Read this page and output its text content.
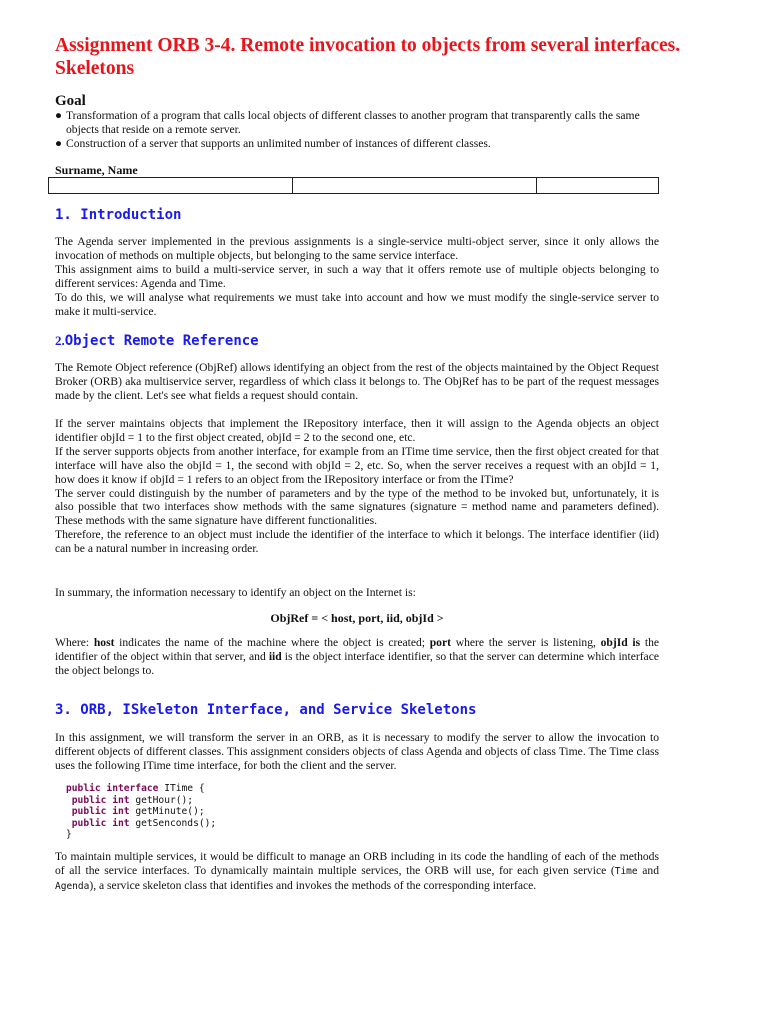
Assignment ORB 3-4. Remote invocation to objects from several interfaces. Skeletons
Goal
● Transformation of a program that calls local objects of different classes to another program that transparently calls the same objects that reside on a remote server.
● Construction of a server that supports an unlimited number of instances of different classes.
Surname, Name

1. Introduction

The Agenda server implemented in the previous assignments is a single-service multi-object server, since it only allows the invocation of methods on multiple objects, but belonging to the same service interface.

This assignment aims to build a multi-service server, in such a way that it offers remote use of multiple objects belonging to different services: Agenda and Time.

To do this, we will analyse what requirements we must take into account and how we must modify the single-service server to make it multi-service.

2.Object Remote Reference
The Remote Object reference (ObjRef) allows identifying an object from the rest of the objects maintained by the Object Request Broker (ORB) aka multiservice server, regardless of which class it belongs to. The ObjRef has to be part of the request messages made by the client. Let's see what fields a request should contain.

If the server maintains objects that implement the IRepository interface, then it will assign to the Agenda objects an object identifier objId = 1 to the first object created, objId = 2 to the second one, etc.

If the server supports objects from another interface, for example from an ITime time service, then the first object created for that interface will have also the objId = 1, the second with objId = 2, etc. So, when the server receives a request with an objId = 1, how does it know if objId = 1 refers to an object from the IRepository interface or from the ITime?

The server could distinguish by the number of parameters and by the type of the method to be invoked but, unfortunately, it is also possible that two interfaces show methods with the same signatures (signature = method name and parameters defined). These methods with the same signature have different functionalities.

Therefore, the reference to an object must include the identifier of the interface to which it belongs. The interface identifier (iid) can be a natural number in increasing order.

In summary, the information necessary to identify an object on the Internet is:
ObjRef = < host, port, iid, objId >
Where: host indicates the name of the machine where the object is created; port where the server is listening, objId is the identifier of the object within that server, and iid is the object interface identifier, so that the server can determine which interface the object belongs to.
3. ORB, ISkeleton Interface, and Service Skeletons
In this assignment, we will transform the server in an ORB, as it is necessary to modify the server to allow the invocation to different objects of different classes. This assignment considers objects of class Agenda and objects of class Time. The Time class uses the following ITime time interface, for both the client and the server.
public interface ITime {
public int getHour();
public int getMinute();
public int getSenconds();
}
To maintain multiple services, it would be difficult to manage an ORB including in its code the handling of each of the methods of all the service interfaces. To dynamically maintain multiple services, the ORB will use, for each given service (Time and Agenda), a service skeleton class that identifies and invokes the methods of the corresponding interface.
